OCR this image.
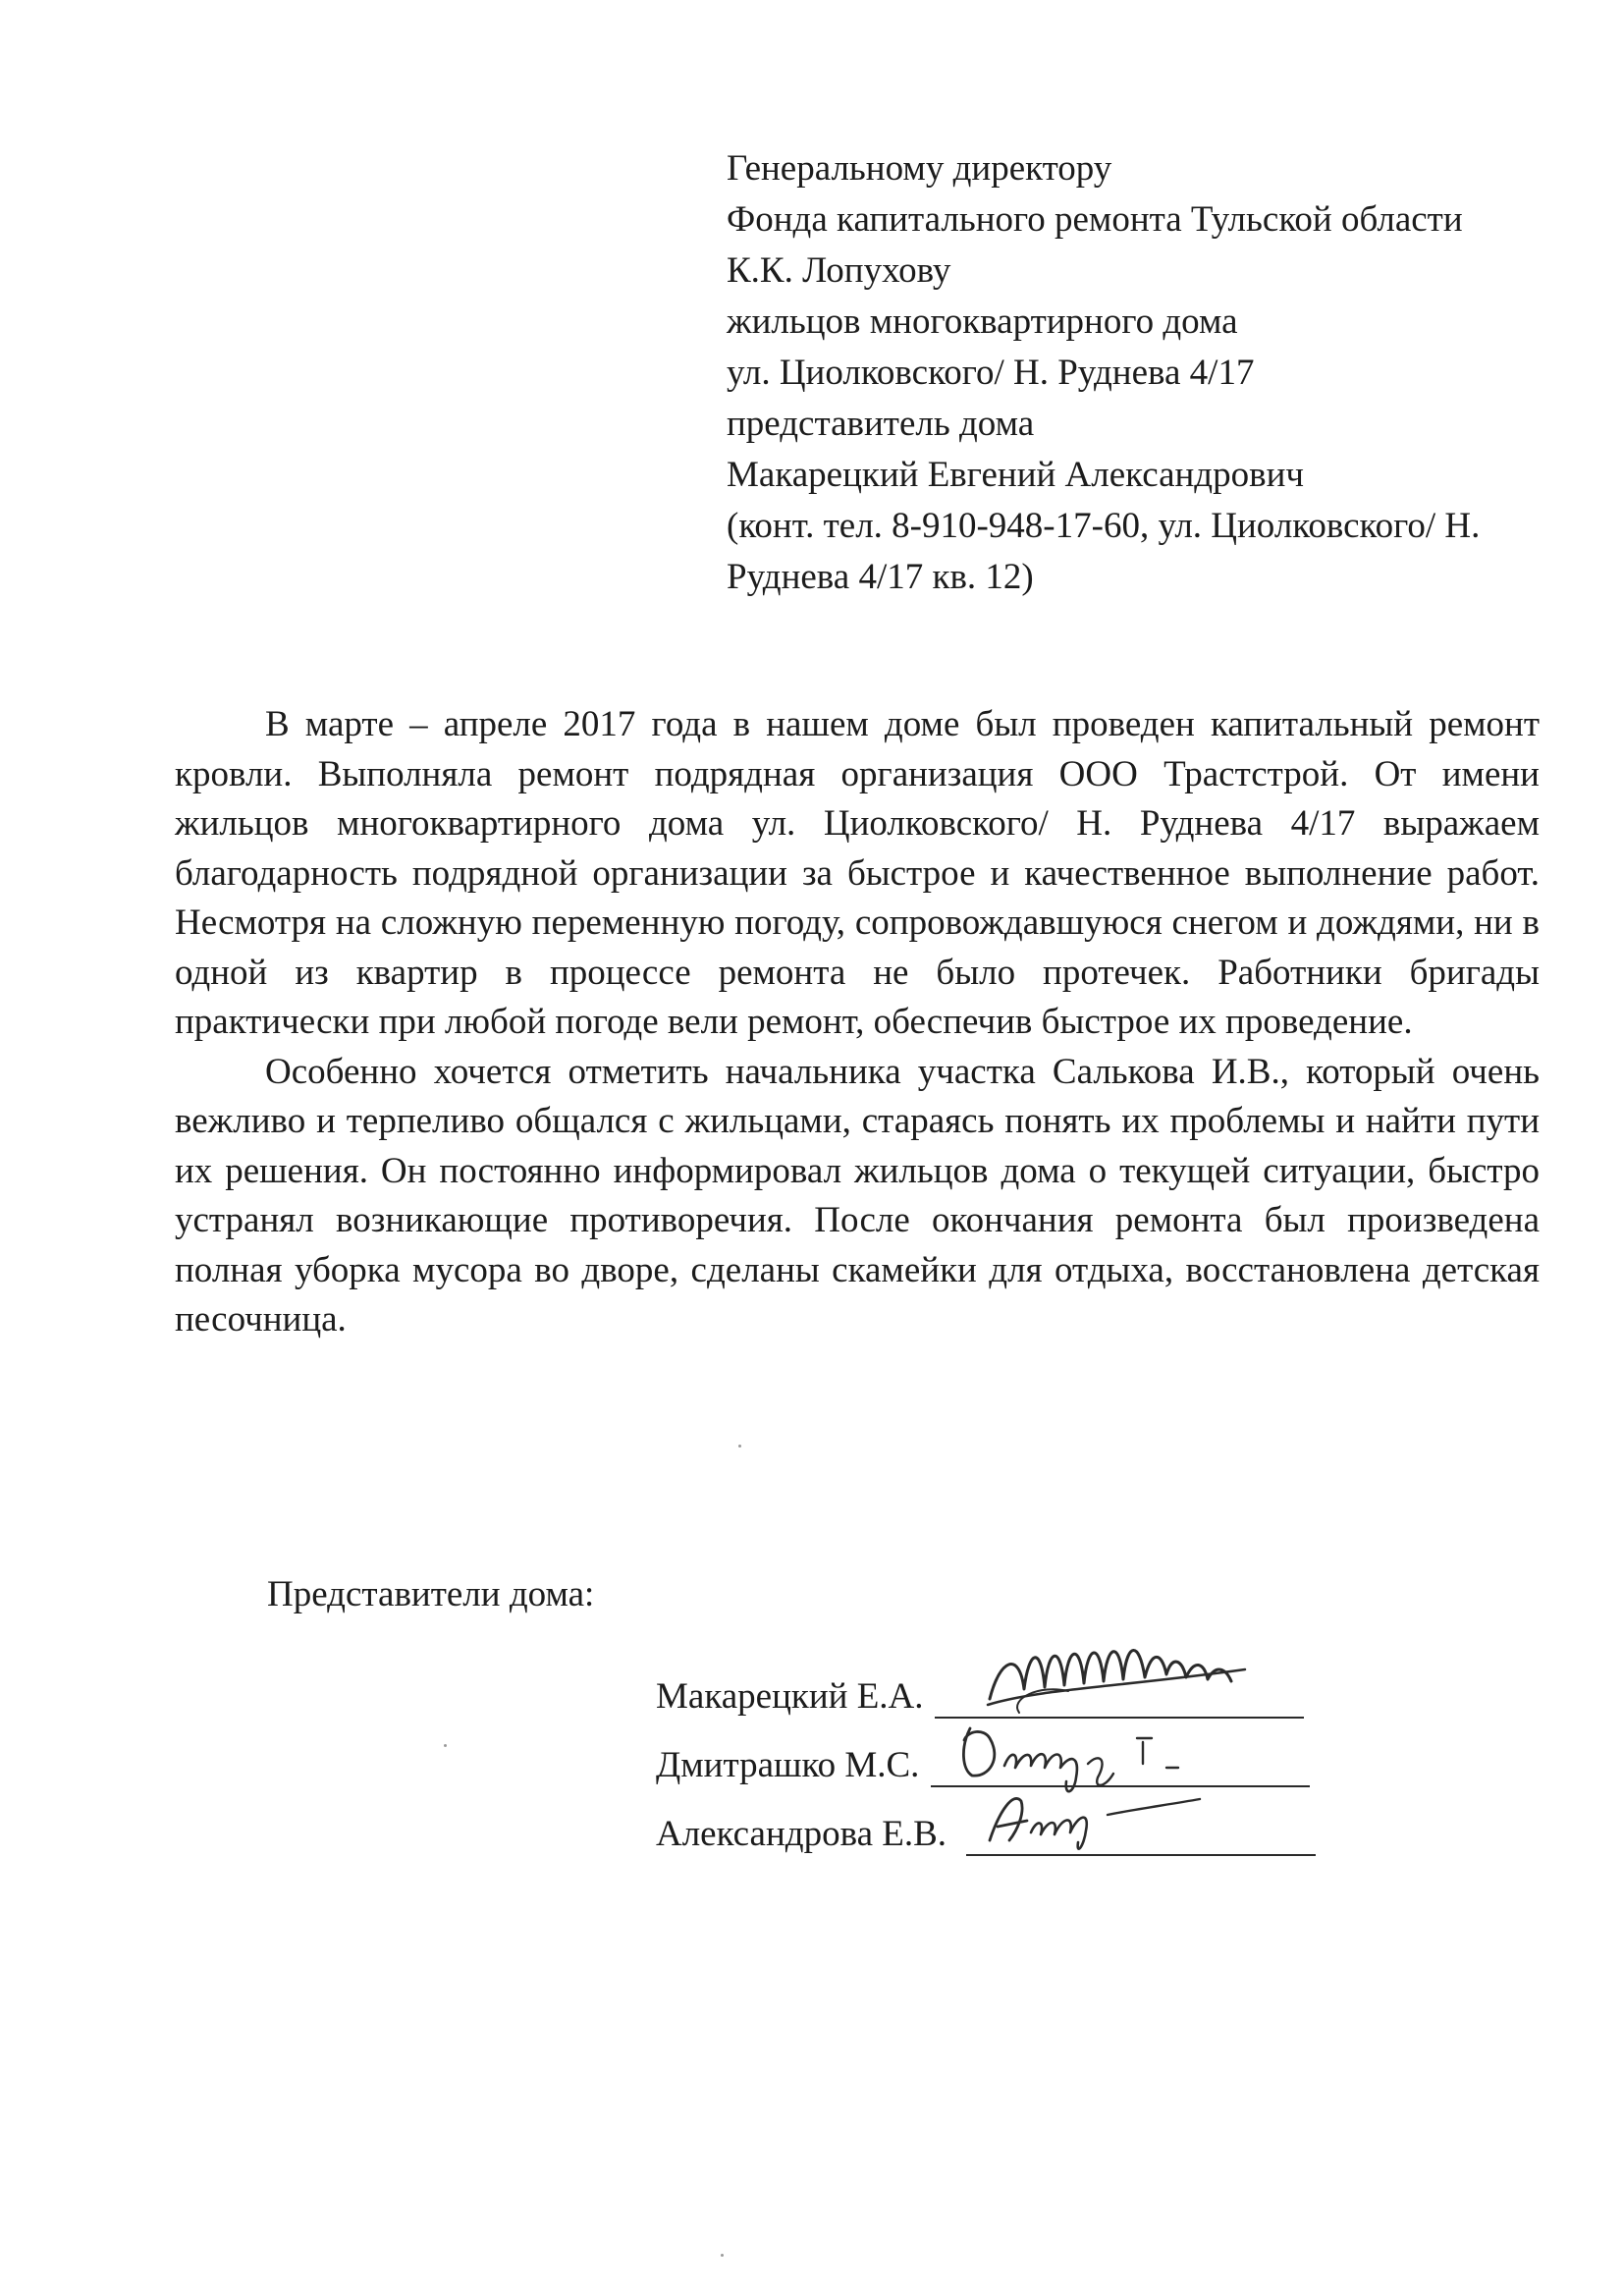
Генеральному директору
Фонда капитального ремонта Тульской области
К.К. Лопухову
жильцов многоквартирного дома
ул. Циолковского/ Н. Руднева 4/17
представитель дома
Макарецкий Евгений Александрович
(конт. тел. 8-910-948-17-60, ул. Циолковского/ Н. Руднева 4/17 кв. 12)

В марте – апреле 2017 года в нашем доме был проведен капитальный ремонт кровли. Выполняла ремонт подрядная организация ООО Трастстрой. От имени жильцов многоквартирного дома ул. Циолковского/ Н. Руднева 4/17 выражаем благодарность подрядной организации за быстрое и качественное выполнение работ. Несмотря на сложную переменную погоду, сопровождавшуюся снегом и дождями, ни в одной из квартир в процессе ремонта не было протечек. Работники бригады практически при любой погоде вели ремонт, обеспечив быстрое их проведение.

Особенно хочется отметить начальника участка Салькова И.В., который очень вежливо и терпеливо общался с жильцами, стараясь понять их проблемы и найти пути их решения. Он постоянно информировал жильцов дома о текущей ситуации, быстро устранял возникающие противоречия. После окончания ремонта был произведена полная уборка мусора во дворе, сделаны скамейки для отдыха, восстановлена детская песочница.

Представители дома:
Макарецкий Е.А.
Дмитрашко М.С.
Александрова Е.В.
